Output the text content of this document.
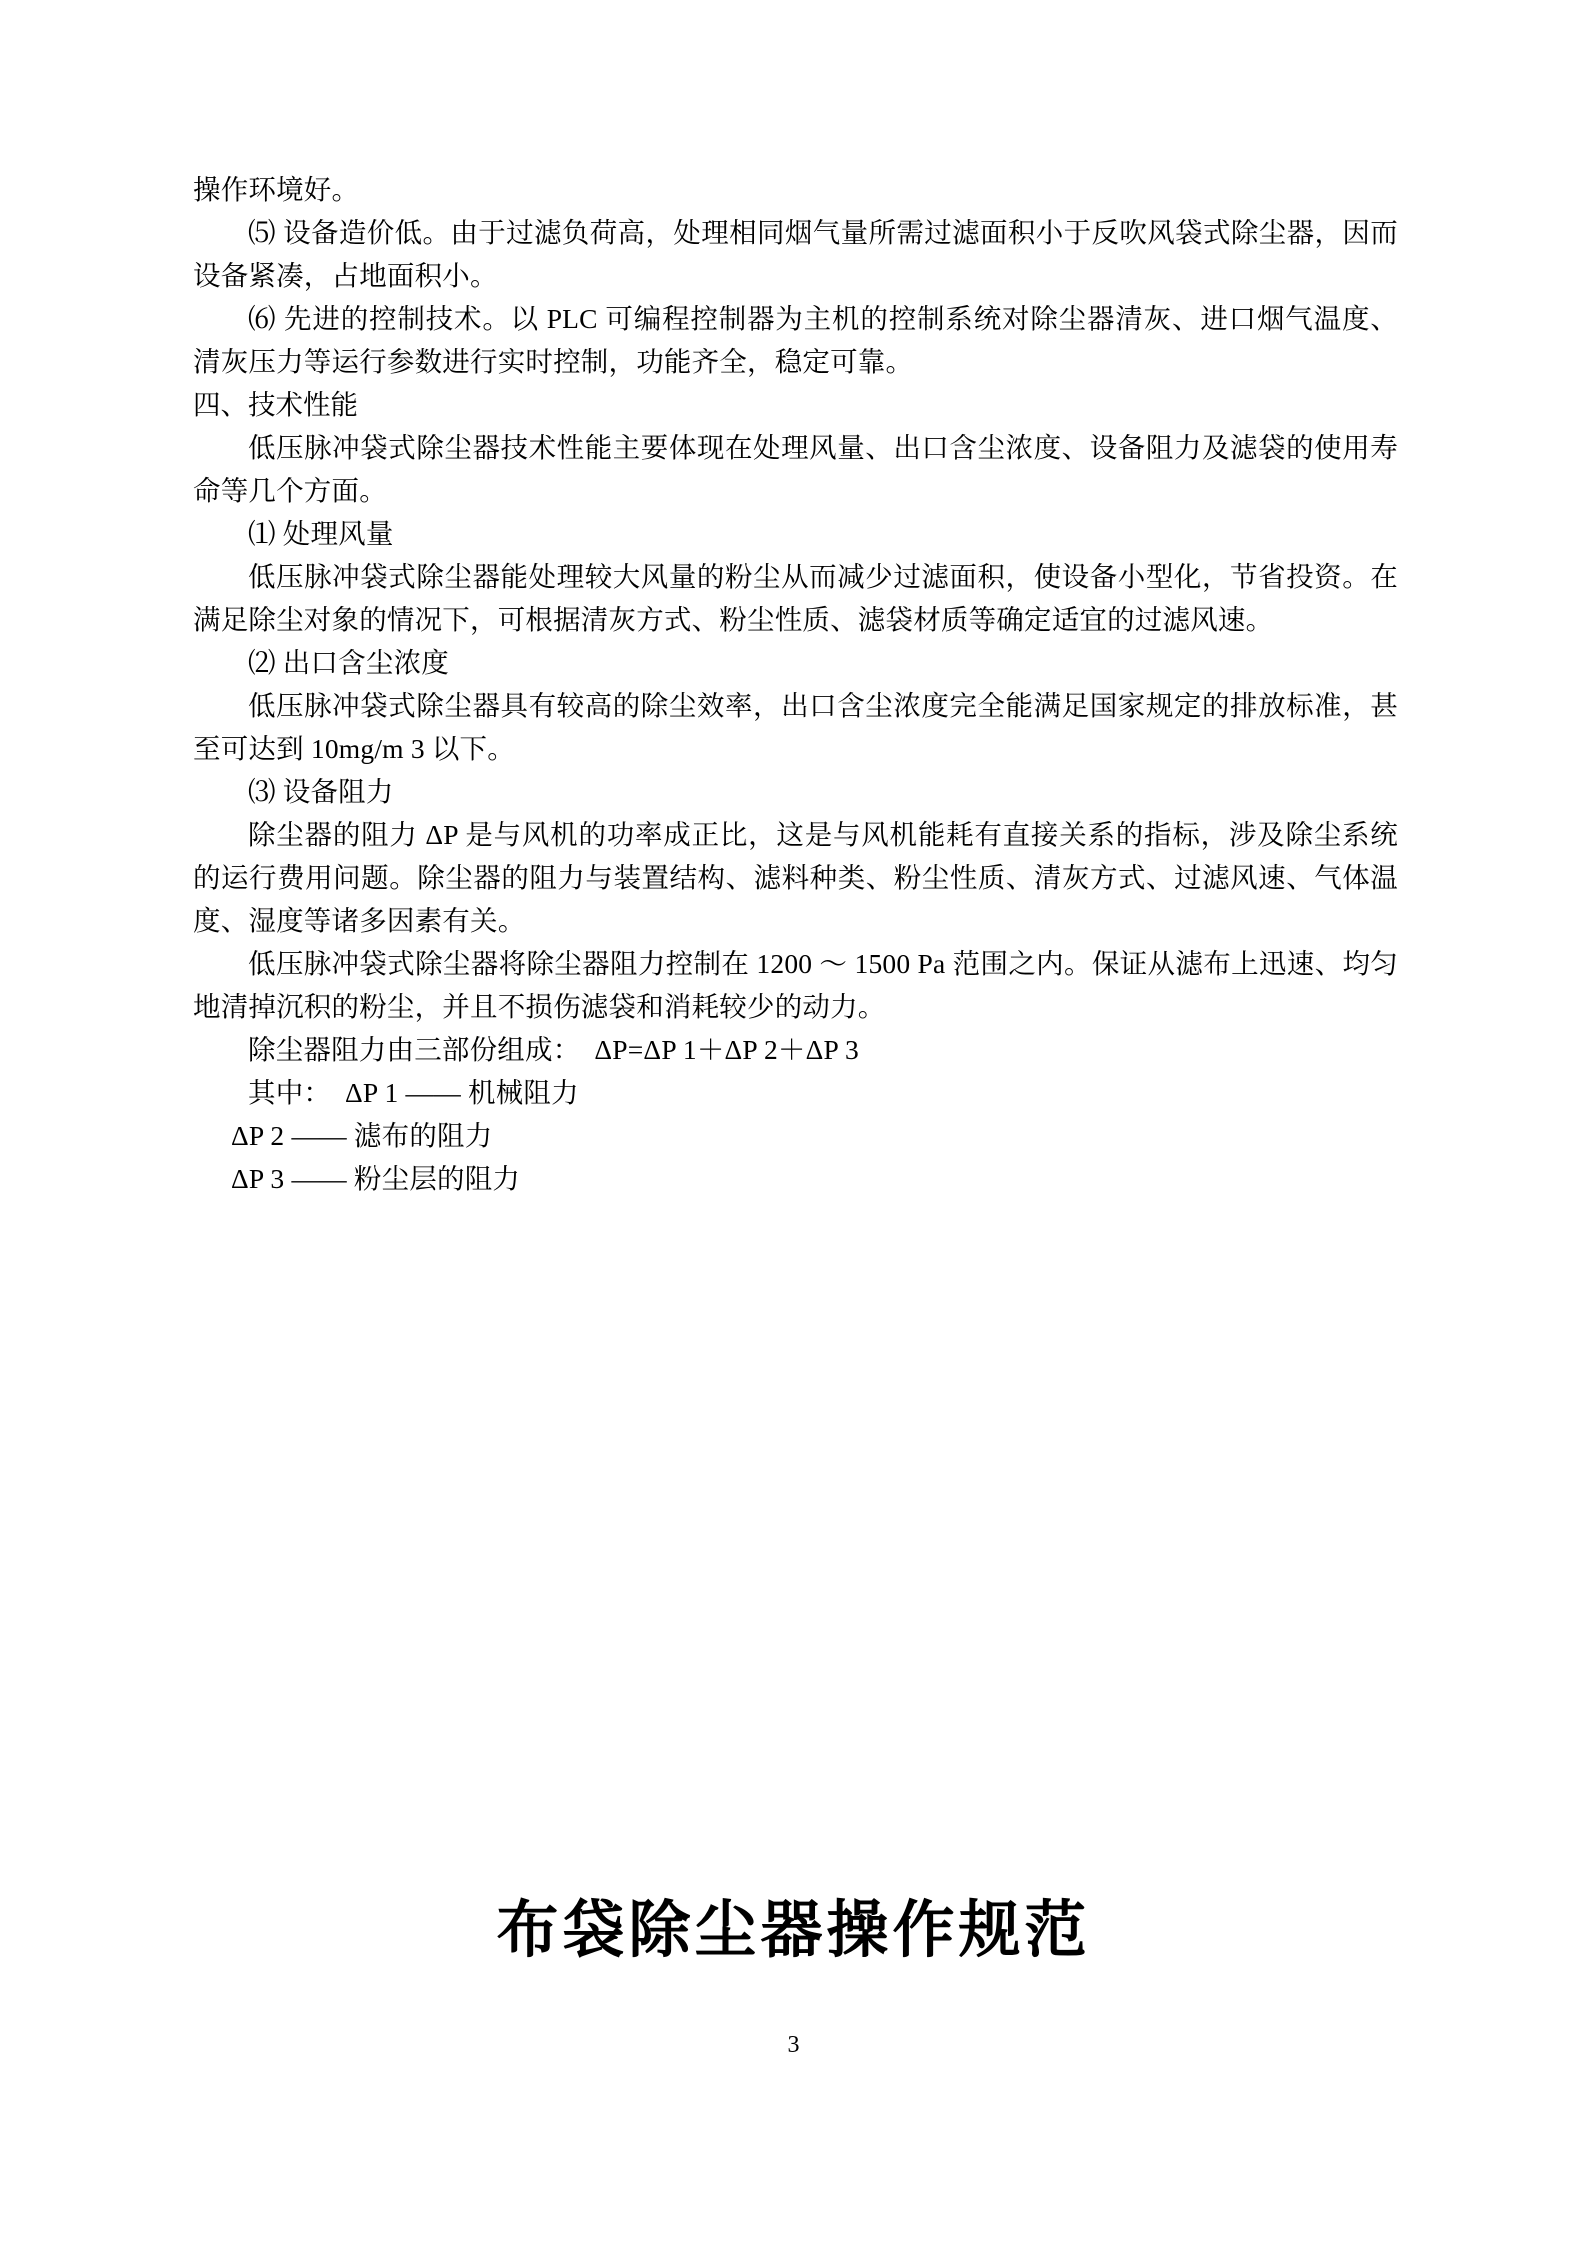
操作环境好。

⑸ 设备造价低。由于过滤负荷高，处理相同烟气量所需过滤面积小于反吹风袋式除尘器，因而设备紧凑，占地面积小。

⑹ 先进的控制技术。以 PLC 可编程控制器为主机的控制系统对除尘器清灰、进口烟气温度、清灰压力等运行参数进行实时控制，功能齐全，稳定可靠。

四、技术性能

低压脉冲袋式除尘器技术性能主要体现在处理风量、出口含尘浓度、设备阻力及滤袋的使用寿命等几个方面。

⑴ 处理风量

低压脉冲袋式除尘器能处理较大风量的粉尘从而减少过滤面积，使设备小型化，节省投资。在满足除尘对象的情况下，可根据清灰方式、粉尘性质、滤袋材质等确定适宜的过滤风速。

⑵ 出口含尘浓度

低压脉冲袋式除尘器具有较高的除尘效率，出口含尘浓度完全能满足国家规定的排放标准，甚至可达到 10mg/m 3 以下。

⑶ 设备阻力

除尘器的阻力 ΔP 是与风机的功率成正比，这是与风机能耗有直接关系的指标，涉及除尘系统的运行费用问题。除尘器的阻力与装置结构、滤料种类、粉尘性质、清灰方式、过滤风速、气体温度、湿度等诸多因素有关。

低压脉冲袋式除尘器将除尘器阻力控制在 1200 ～ 1500 Pa 范围之内。保证从滤布上迅速、均匀地清掉沉积的粉尘，并且不损伤滤袋和消耗较少的动力。

除尘器阻力由三部份组成：　ΔP=ΔP 1＋ΔP 2＋ΔP 3

其中：　ΔP 1 —— 机械阻力

ΔP 2 —— 滤布的阻力

ΔP 3 —— 粉尘层的阻力

布袋除尘器操作规范
3
